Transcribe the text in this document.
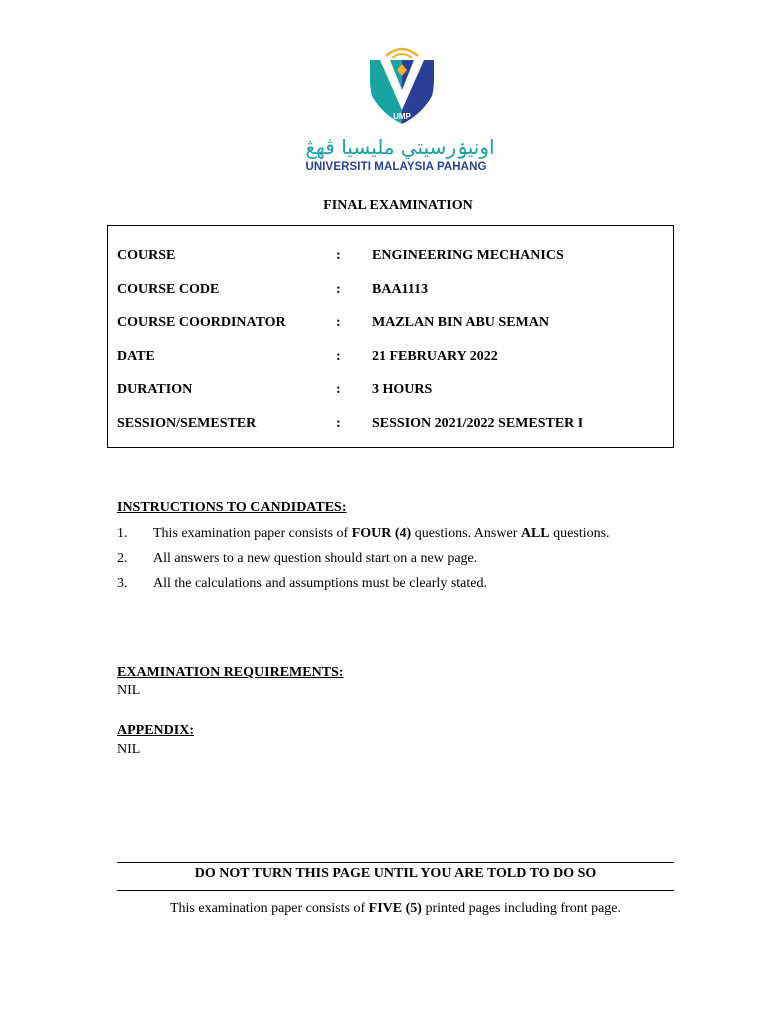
UMP
اونيۏرسيتي مليسيا ڤهڠ
UNIVERSITI MALAYSIA PAHANG
FINAL EXAMINATION
COURSE	: ENGINEERING MECHANICS
COURSE CODE	: BAA1113
COURSE COORDINATOR	: MAZLAN BIN ABU SEMAN
DATE	: 21 FEBRUARY 2022
DURATION	: 3 HOURS
SESSION/SEMESTER	: SESSION 2021/2022 SEMESTER I
INSTRUCTIONS TO CANDIDATES:
1. This examination paper consists of FOUR (4) questions. Answer ALL questions.
2. All answers to a new question should start on a new page.
3. All the calculations and assumptions must be clearly stated.
EXAMINATION REQUIREMENTS:
NIL
APPENDIX:
NIL
DO NOT TURN THIS PAGE UNTIL YOU ARE TOLD TO DO SO
This examination paper consists of FIVE (5) printed pages including front page.
